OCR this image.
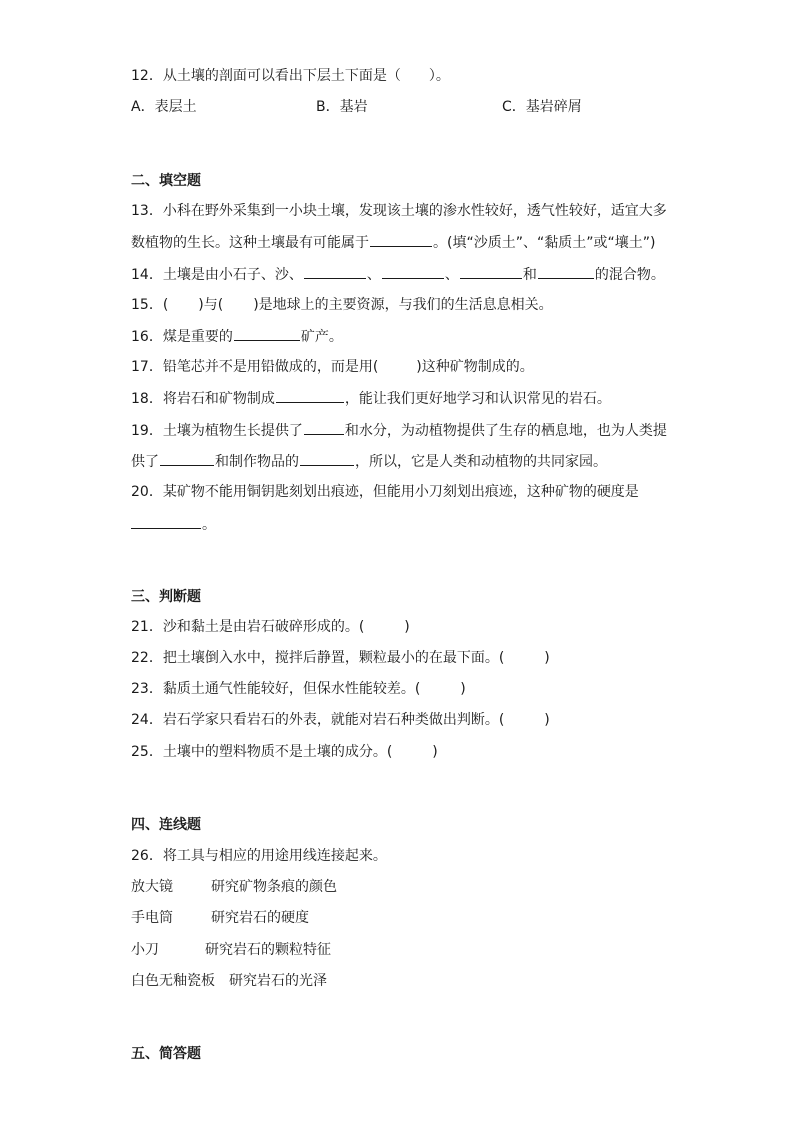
12．从土壤的剖面可以看出下层土下面是（　　）。
A．表层土	B．基岩	C．基岩碎屑
二、填空题
13．小科在野外采集到一小块土壤，发现该土壤的渗水性较好，透气性较好，适宜大多
数植物的生长。这种土壤最有可能属于	。(填“沙质土”、“黏质土”或“壤土”)
14．土壤是由小石子、沙、	、	、	和	的混合物。
15．( )与( )是地球上的主要资源，与我们的生活息息相关。
16．煤是重要的	矿产。
17．铅笔芯并不是用铅做成的，而是用(	)这种矿物制成的。
18．将岩石和矿物制成	，能让我们更好地学习和认识常见的岩石。
19．土壤为植物生长提供了	和水分，为动植物提供了生存的栖息地，也为人类提
供了	和制作物品的	，所以，它是人类和动植物的共同家园。
20．某矿物不能用铜钥匙刻划出痕迹，但能用小刀刻划出痕迹，这种矿物的硬度是
。
三、判断题
21．沙和黏土是由岩石破碎形成的。(	)
22．把土壤倒入水中，搅拌后静置，颗粒最小的在最下面。(	)
23．黏质土通气性能较好，但保水性能较差。(	)
24．岩石学家只看岩石的外表，就能对岩石种类做出判断。(	)
25．土壤中的塑料物质不是土壤的成分。(	)
四、连线题
26．将工具与相应的用途用线连接起来。
放大镜	研究矿物条痕的颜色
手电筒	研究岩石的硬度
小刀	研究岩石的颗粒特征
白色无釉瓷板 研究岩石的光泽
五、简答题
